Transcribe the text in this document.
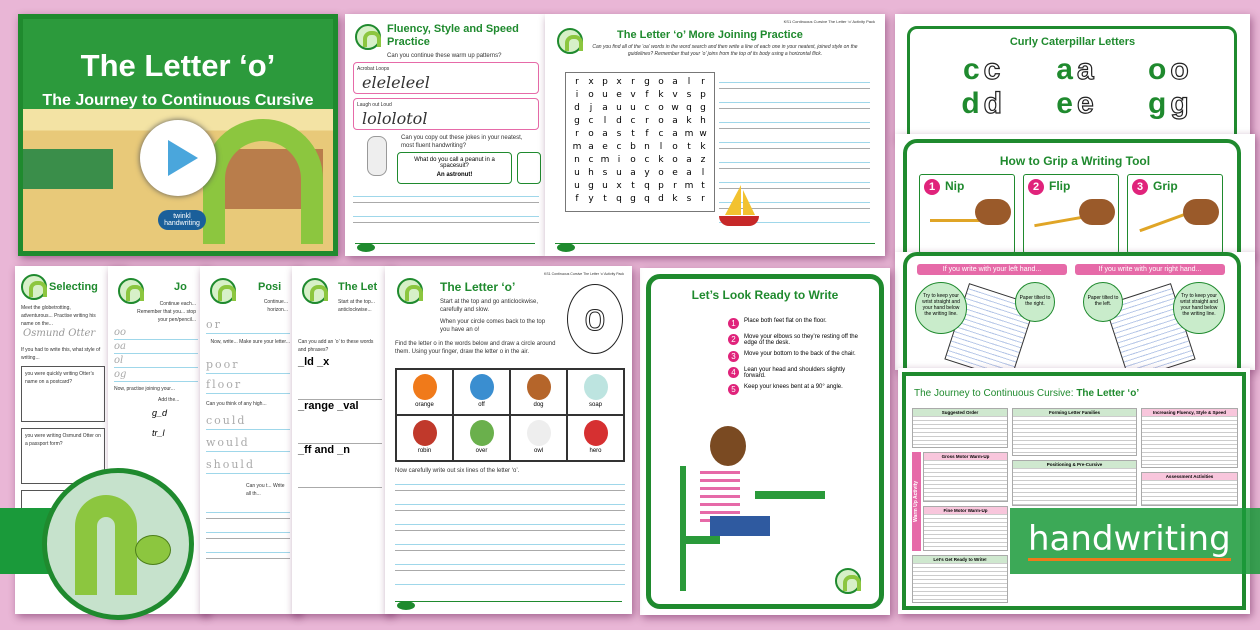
The Letter ‘o’
The Journey to Continuous Cursive
twinkl handwriting
Fluency, Style and Speed Practice
Can you continue these warm up patterns?
Acrobat Loops
eleleleel
Laugh out Loud
lololotol
Can you copy out these jokes in your neatest, most fluent handwriting?
What do you call a peanut in a spacesuit?
An astronut!
KS1 Continuous Cursive The Letter ‘o’ Activity Pack
The Letter ‘o’ More Joining Practice
Can you find all of the ‘oa’ words in the word search and then write a line of each one in your neatest, joined style on the guidelines? Remember that your ‘o’ joins from the top of its body using a horizontal flick.
r	x p x	r	g o a	l	r
i	o u e v	f	k v s p
d	j	a u u c o w q g
g c	l	d c	r	o a k h
r	o a s	t	f	c a m w
m a e c b n	l	o	t	k
n c m i	o c k o a z
u h s u a y o e a	l
u g u x	t	q p	r m t
f	y	t	q g q d k	s	r
Curly Caterpillar Letters
c c	a a	o o
d d	e e	g g
How to Grip a Writing Tool
1 Nip	2 Flip	3 Grip
If you write with your left hand...	If you write with your right hand...
Try to keep your wrist straight and your hand below the writing line.
Paper tilted to the right.
Paper tilted to the left.
Try to keep your wrist straight and your hand below the writing line.
The Journey to Continuous Cursive: The Letter ‘o’
Warm Up Activity
Suggested Order
Gross Motor Warm-Up
Fine Motor Warm-Up
Let’s Get Ready to Write!
Forming Letter Families
Positioning & Pre-Cursive
Increasing Fluency, Style & Speed
Assessment Activities
Let’s Look Ready to Write
1	Place both feet flat on the floor.
2	Move your elbows so they’re resting off the edge of the desk.
3	Move your bottom to the back of the chair.
4	Lean your head and shoulders slightly forward.
5	Keep your knees bent at a 90° angle.
Selecting
Meet the globetrotting, adventurous... Practise writing his name on the...
Osmund Otter
If you had to write this, what style of writing...
you were quickly writing Otter’s name on a postcard?
you were writing Osmund Otter on a passport form?
Jo
Continue each... Remember that you... stop your pen/pencil...
oo
oa
ol
og
Now, practise joining your...
Add the...
g_d
tr_l
Posi
Continue... horizon...
or
Now, write... Make sure your letter...
poor
floor
Can you think of any high...
could
would
should
Can you t... Write all th...
The Let
Start at the top... anticlockwise...
Can you add an ‘o’ to these words and phrases?
_ld _x
_range _val
_ff and _n
KS1 Continuous Cursive The Letter ‘o’ Activity Pack
The Letter ‘o’
Start at the top and go anticlockwise, carefully and slow.
When your circle comes back to the top you have an o!	o
Find the letter o in the words below and draw a circle around them. Using your finger, draw the letter o in the air.
orange	off	dog	soap
robin	over	owl	hero
Now carefully write out six lines of the letter ‘o’.
handwriting
